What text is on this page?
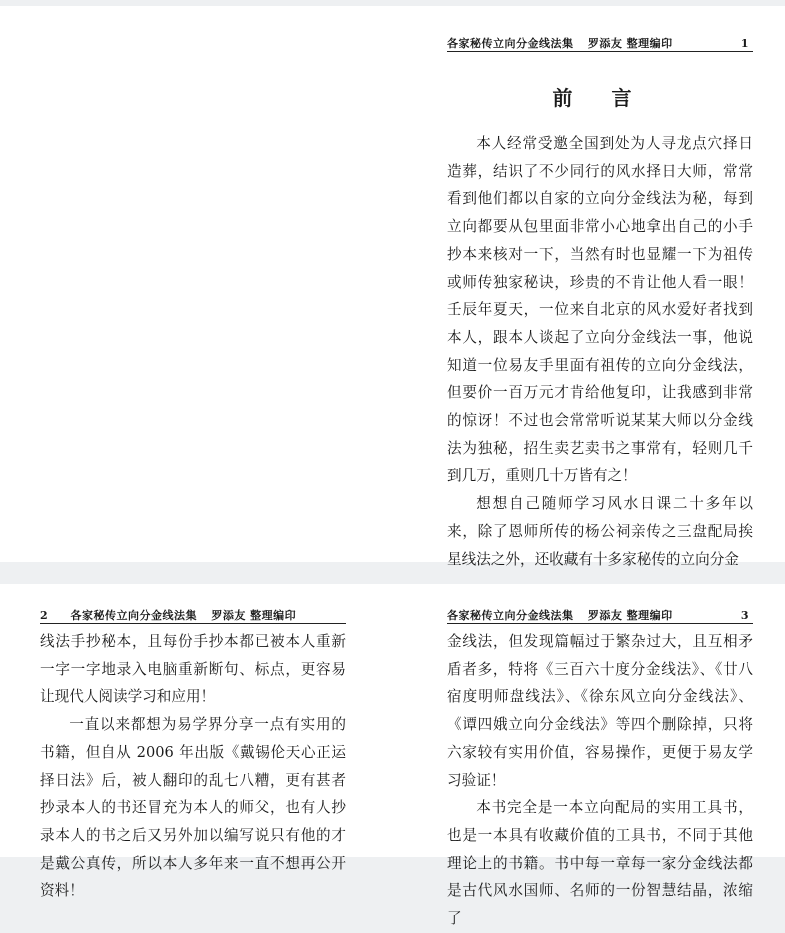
各家秘传立向分金线法集 罗添友 整理编印	1
前 言

本人经常受邀全国到处为人寻龙点穴择日造葬，结识了不少同行的风水择日大师，常常看到他们都以自家的立向分金线法为秘，每到立向都要从包里面非常小心地拿出自己的小手抄本来核对一下，当然有时也显耀一下为祖传或师传独家秘诀，珍贵的不肯让他人看一眼！壬辰年夏天，一位来自北京的风水爱好者找到本人，跟本人谈起了立向分金线法一事，他说知道一位易友手里面有祖传的立向分金线法，但要价一百万元才肯给他复印，让我感到非常的惊讶！不过也会常常听说某某大师以分金线法为独秘，招生卖艺卖书之事常有，轻则几千到几万，重则几十万皆有之！

想想自己随师学习风水日课二十多年以来，除了恩师所传的杨公祠亲传之三盘配局挨星线法之外，还收藏有十多家秘传的立向分金

2 各家秘传立向分金线法集 罗添友 整理编印

线法手抄秘本，且每份手抄本都已被本人重新一字一字地录入电脑重新断句、标点，更容易让现代人阅读学习和应用！

一直以来都想为易学界分享一点有实用的书籍，但自从 2006 年出版《戴锡伦天心正运择日法》后，被人翻印的乱七八糟，更有甚者抄录本人的书还冒充为本人的师父，也有人抄录本人的书之后又另外加以编写说只有他的才是戴公真传，所以本人多年来一直不想再公开资料！

各家秘传立向分金线法集 罗添友 整理编印	3

金线法，但发现篇幅过于繁杂过大，且互相矛盾者多，特将《三百六十度分金线法》、《廿八宿度明师盘线法》、《徐东风立向分金线法》、《谭四娥立向分金线法》等四个删除掉，只将六家较有实用价值，容易操作，更便于易友学习验证！

本书完全是一本立向配局的实用工具书，也是一本具有收藏价值的工具书，不同于其他理论上的书籍。书中每一章每一家分金线法都是古代风水国师、名师的一份智慧结晶，浓缩了
